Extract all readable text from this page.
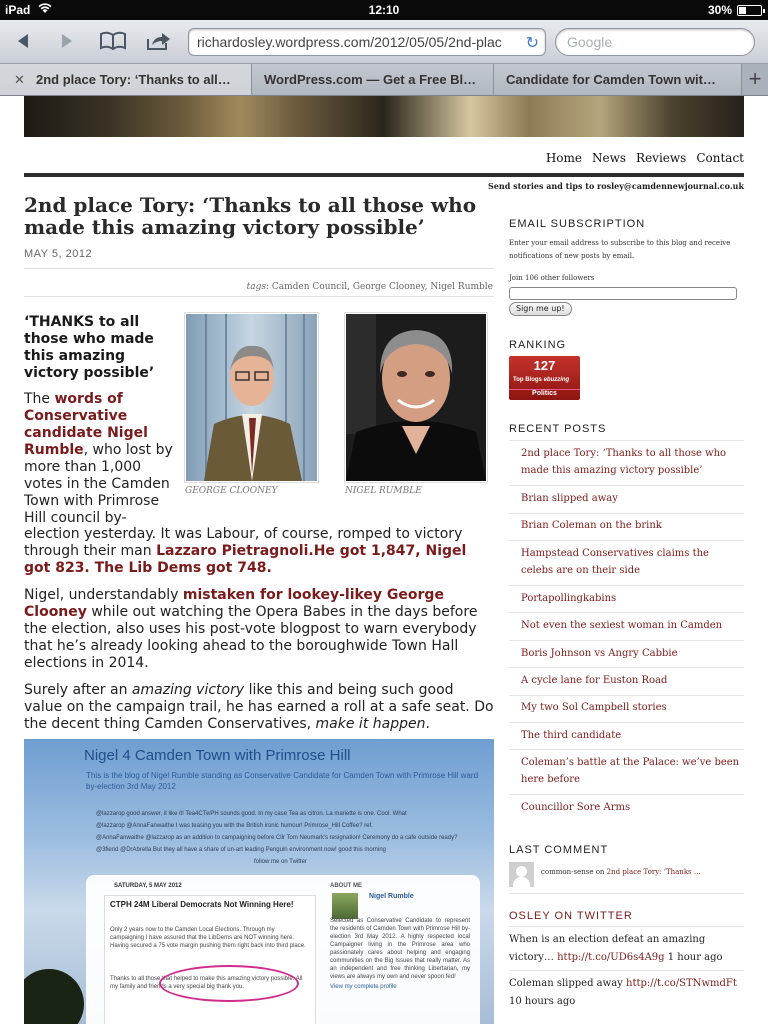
iPad	12:10	30%
richardosley.wordpress.com/2012/05/05/2nd-plac ↻	Google
✕ 2nd place Tory: ‘Thanks to all…	WordPress.com — Get a Free Bl…	Candidate for Camden Town wit…	+
Home News Reviews Contact
Send stories and tips to rosley@camdennewjournal.co.uk
2nd place Tory: ‘Thanks to all those who made this amazing victory possible’
MAY 5, 2012
tags: Camden Council, George Clooney, Nigel Rumble
GEORGE CLOONEY	NIGEL RUMBLE
‘THANKS to all those who made this amazing victory possible’
The words of Conservative candidate Nigel Rumble, who lost by more than 1,000 votes in the Camden Town with Primrose Hill council by-
election yesterday. It was Labour, of course, romped to victory through their man Lazzaro Pietragnoli.He got 1,847, Nigel got 823. The Lib Dems got 748.
Nigel, understandably mistaken for lookey-likey George Clooney while out watching the Opera Babes in the days before the election, also uses his post-vote blogpost to warn everybody that he’s already looking ahead to the boroughwide Town Hall elections in 2014.
Surely after an amazing victory like this and being such good value on the campaign trail, he has earned a roll at a safe seat. Do the decent thing Camden Conservatives, make it happen.
Nigel 4 Camden Town with Primrose Hill
This is the blog of Nigel Rumble standing as Conservative Candidate for Camden Town with Primrose Hill ward by-election 3rd May 2012
@lazzarop good answer, it like it! Tea4CTwPH sounds good. In my case Tea as citron. La mariette is one. Cool. What
@lazzarop @AnnaFanwaithe I was teasing you with the British ironic humour! Primrose_Hill Coffee? ref.
@AnnaFanwaithe @lazzarop as an addition to campaigning before Cllr Tom Neumark's resignation! Ceremony do a cafe outside ready?
@3fiend @DrAbrella But they all have a share of un-art leading Penguin environment now! good this morning
follow me on Twitter
SATURDAY, 5 MAY 2012
CTPH 24M Liberal Democrats Not Winning Here!
Only 2 years now to the Camden Local Elections. Through my campaigning I have assured that the LibDems are NOT winning here. Having secured a 75 vote margin pushing them right back into third place.
Thanks to all those that helped to make this amazing victory possible. All my family and friends a very special big thank you.
ABOUT ME
Nigel Rumble
Selected as Conservative Candidate to represent the residents of Camden Town with Primrose Hill by-election 3rd May 2012. A highly respected local Campaigner living in the Primrose area who passionately cares about helping and engaging communities on the Big Issues that really matter. As an independent and free thinking Libertarian, my views are always my own and never spoon fed!
View my complete profile
EMAIL SUBSCRIPTION
Enter your email address to subscribe to this blog and receive notifications of new posts by email.
Join 106 other followers
Sign me up!
RANKING
127
Top Blogs ebuzzing
Politics
RECENT POSTS
2nd place Tory: ‘Thanks to all those who made this amazing victory possible’
Brian slipped away
Brian Coleman on the brink
Hampstead Conservatives claims the celebs are on their side
Portapollingkabins
Not even the sexiest woman in Camden
Boris Johnson vs Angry Cabbie
A cycle lane for Euston Road
My two Sol Campbell stories
The third candidate
Coleman’s battle at the Palace: we’ve been here before
Councillor Sore Arms
LAST COMMENT
common-sense on 2nd place Tory: ‘Thanks …
OSLEY ON TWITTER
When is an election defeat an amazing victory… http://t.co/UD6s4A9g 1 hour ago
Coleman slipped away http://t.co/STNwmdFt
10 hours ago
